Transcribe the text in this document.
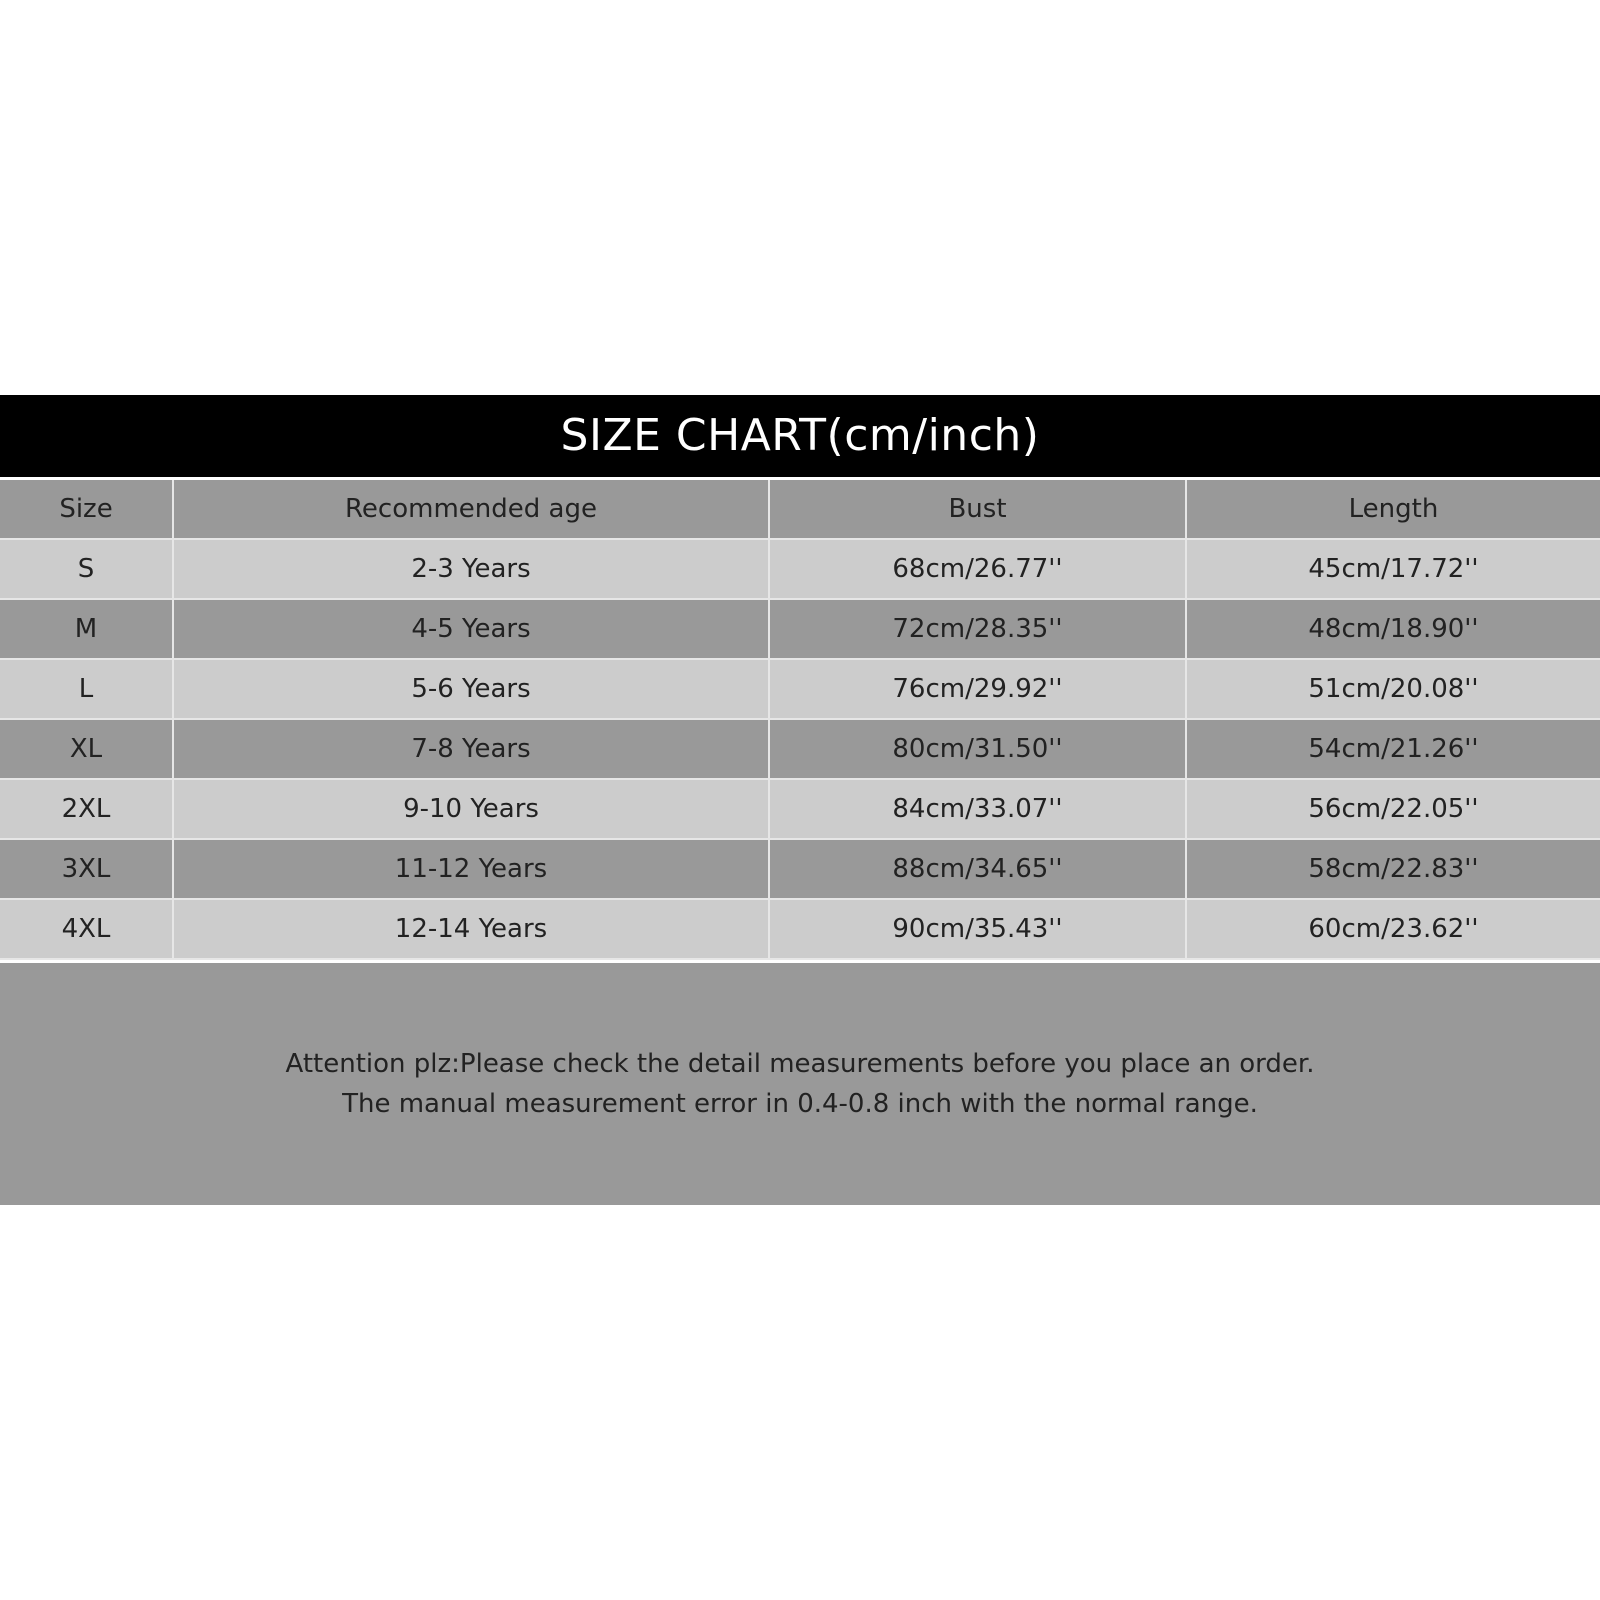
SIZE CHART(cm/inch)
Size	Recommended age	Bust	Length
S	2-3 Years	68cm/26.77''	45cm/17.72''
M	4-5 Years	72cm/28.35''	48cm/18.90''
L	5-6 Years	76cm/29.92''	51cm/20.08''
XL	7-8 Years	80cm/31.50''	54cm/21.26''
2XL	9-10 Years	84cm/33.07''	56cm/22.05''
3XL	11-12 Years	88cm/34.65''	58cm/22.83''
4XL	12-14 Years	90cm/35.43''	60cm/23.62''
Attention plz:Please check the detail measurements before you place an order.
The manual measurement error in 0.4-0.8 inch with the normal range.
